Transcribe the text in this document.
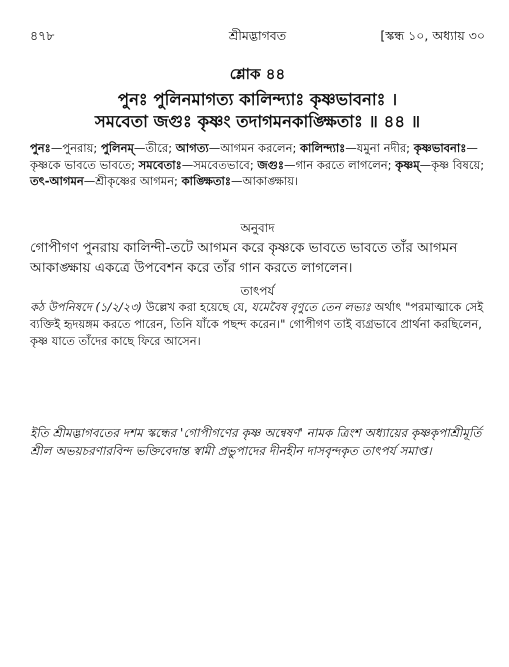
৪৭৮	শ্রীমদ্ভাগবত	[স্কন্ধ ১০, অধ্যায় ৩০
শ্লোক ৪৪
পুনঃ পুলিনমাগত্য কালিন্দ্যাঃ কৃষ্ণভাবনাঃ ।
সমবেতা জগুঃ কৃষ্ণং তদাগমনকাঙ্ক্ষিতাঃ ॥ ৪৪ ॥
পুনঃ—পুনরায়; পুলিনম্—তীরে; আগত্য—আগমন করলেন; কালিন্দ্যাঃ—যমুনা নদীর; কৃষ্ণভাবনাঃ—কৃষ্ণকে ভাবতে ভাবতে; সমবেতাঃ—সমবেতভাবে; জগুঃ—গান করতে লাগলেন; কৃষ্ণম্—কৃষ্ণ বিষয়ে; তৎ-আগমন—শ্রীকৃষ্ণের আগমন; কাঙ্ক্ষিতাঃ—আকাঙ্ক্ষায়।
অনুবাদ
গোপীগণ পুনরায় কালিন্দী-তটে আগমন করে কৃষ্ণকে ভাবতে ভাবতে তাঁর আগমন আকাঙ্ক্ষায় একত্রে উপবেশন করে তাঁর গান করতে লাগলেন।
তাৎপর্য
কঠ উপনিষদে (১/২/২৩) উল্লেখ করা হয়েছে যে, যমেবৈষ বৃণুতে তেন লভ্যঃ অর্থাৎ "পরমাত্মাকে সেই ব্যক্তিই হৃদয়ঙ্গম করতে পারেন, তিনি যাঁকে পছন্দ করেন।" গোপীগণ তাই ব্যগ্রভাবে প্রার্থনা করছিলেন, কৃষ্ণ যাতে তাঁদের কাছে ফিরে আসেন।
ইতি শ্রীমদ্ভাগবতের দশম স্কন্ধের 'গোপীগণের কৃষ্ণ অন্বেষণ' নামক ত্রিংশ অধ্যায়ের কৃষ্ণকৃপাশ্রীমূর্তি শ্রীল অভয়চরণারবিন্দ ভক্তিবেদান্ত স্বামী প্রভুপাদের দীনহীন দাসবৃন্দকৃত তাৎপর্য সমাপ্ত।
